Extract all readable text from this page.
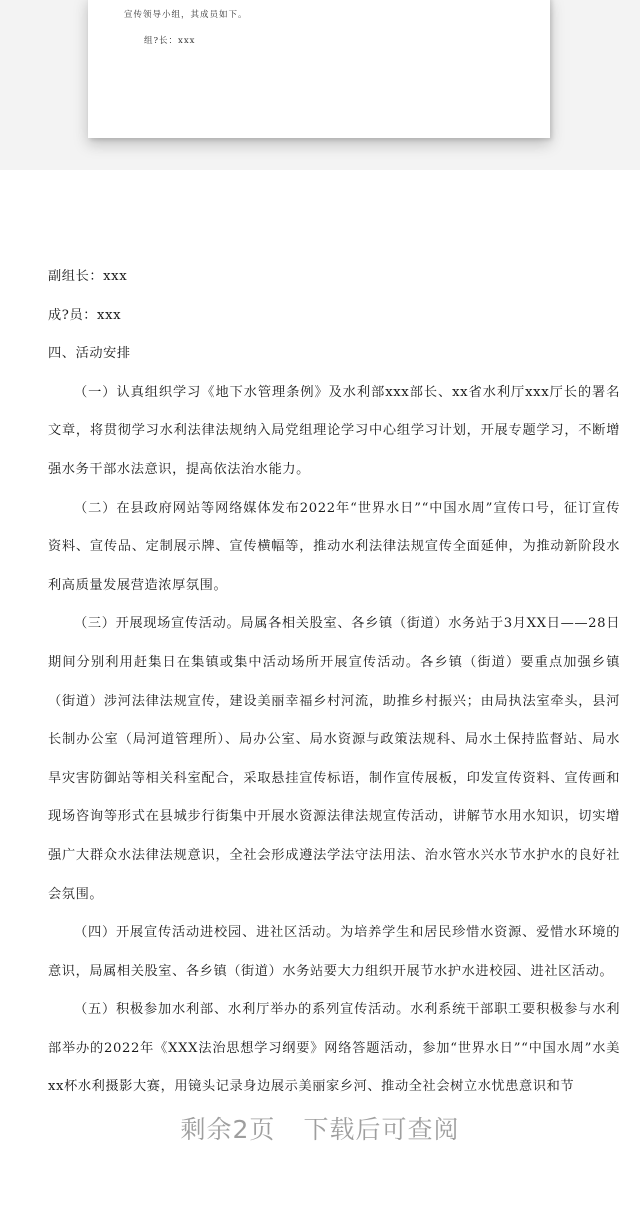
宣传领导小组，其成员如下。
组?长：xxx

副组长：xxx

成?员：xxx

四、活动安排

（一）认真组织学习《地下水管理条例》及水利部xxx部长、xx省水利厅xxx厅长的署名文章，将贯彻学习水利法律法规纳入局党组理论学习中心组学习计划，开展专题学习，不断增强水务干部水法意识，提高依法治水能力。

（二）在县政府网站等网络媒体发布2022年“世界水日”“中国水周”宣传口号，征订宣传资料、宣传品、定制展示牌、宣传横幅等，推动水利法律法规宣传全面延伸，为推动新阶段水利高质量发展营造浓厚氛围。

（三）开展现场宣传活动。局属各相关股室、各乡镇（街道）水务站于3月XX日——28日期间分别利用赶集日在集镇或集中活动场所开展宣传活动。各乡镇（街道）要重点加强乡镇（街道）涉河法律法规宣传，建设美丽幸福乡村河流，助推乡村振兴；由局执法室牵头，县河长制办公室（局河道管理所）、局办公室、局水资源与政策法规科、局水土保持监督站、局水旱灾害防御站等相关科室配合，采取悬挂宣传标语，制作宣传展板，印发宣传资料、宣传画和现场咨询等形式在县城步行街集中开展水资源法律法规宣传活动，讲解节水用水知识，切实增强广大群众水法律法规意识，全社会形成遵法学法守法用法、治水管水兴水节水护水的良好社会氛围。

（四）开展宣传活动进校园、进社区活动。为培养学生和居民珍惜水资源、爱惜水环境的意识，局属相关股室、各乡镇（街道）水务站要大力组织开展节水护水进校园、进社区活动。

（五）积极参加水利部、水利厅举办的系列宣传活动。水利系统干部职工要积极参与水利部举办的2022年《XXX法治思想学习纲要》网络答题活动，参加“世界水日”“中国水周”水美xx杯水利摄影大赛，用镜头记录身边展示美丽家乡河、推动全社会树立水忧患意识和节

剩余2页 下载后可查阅
